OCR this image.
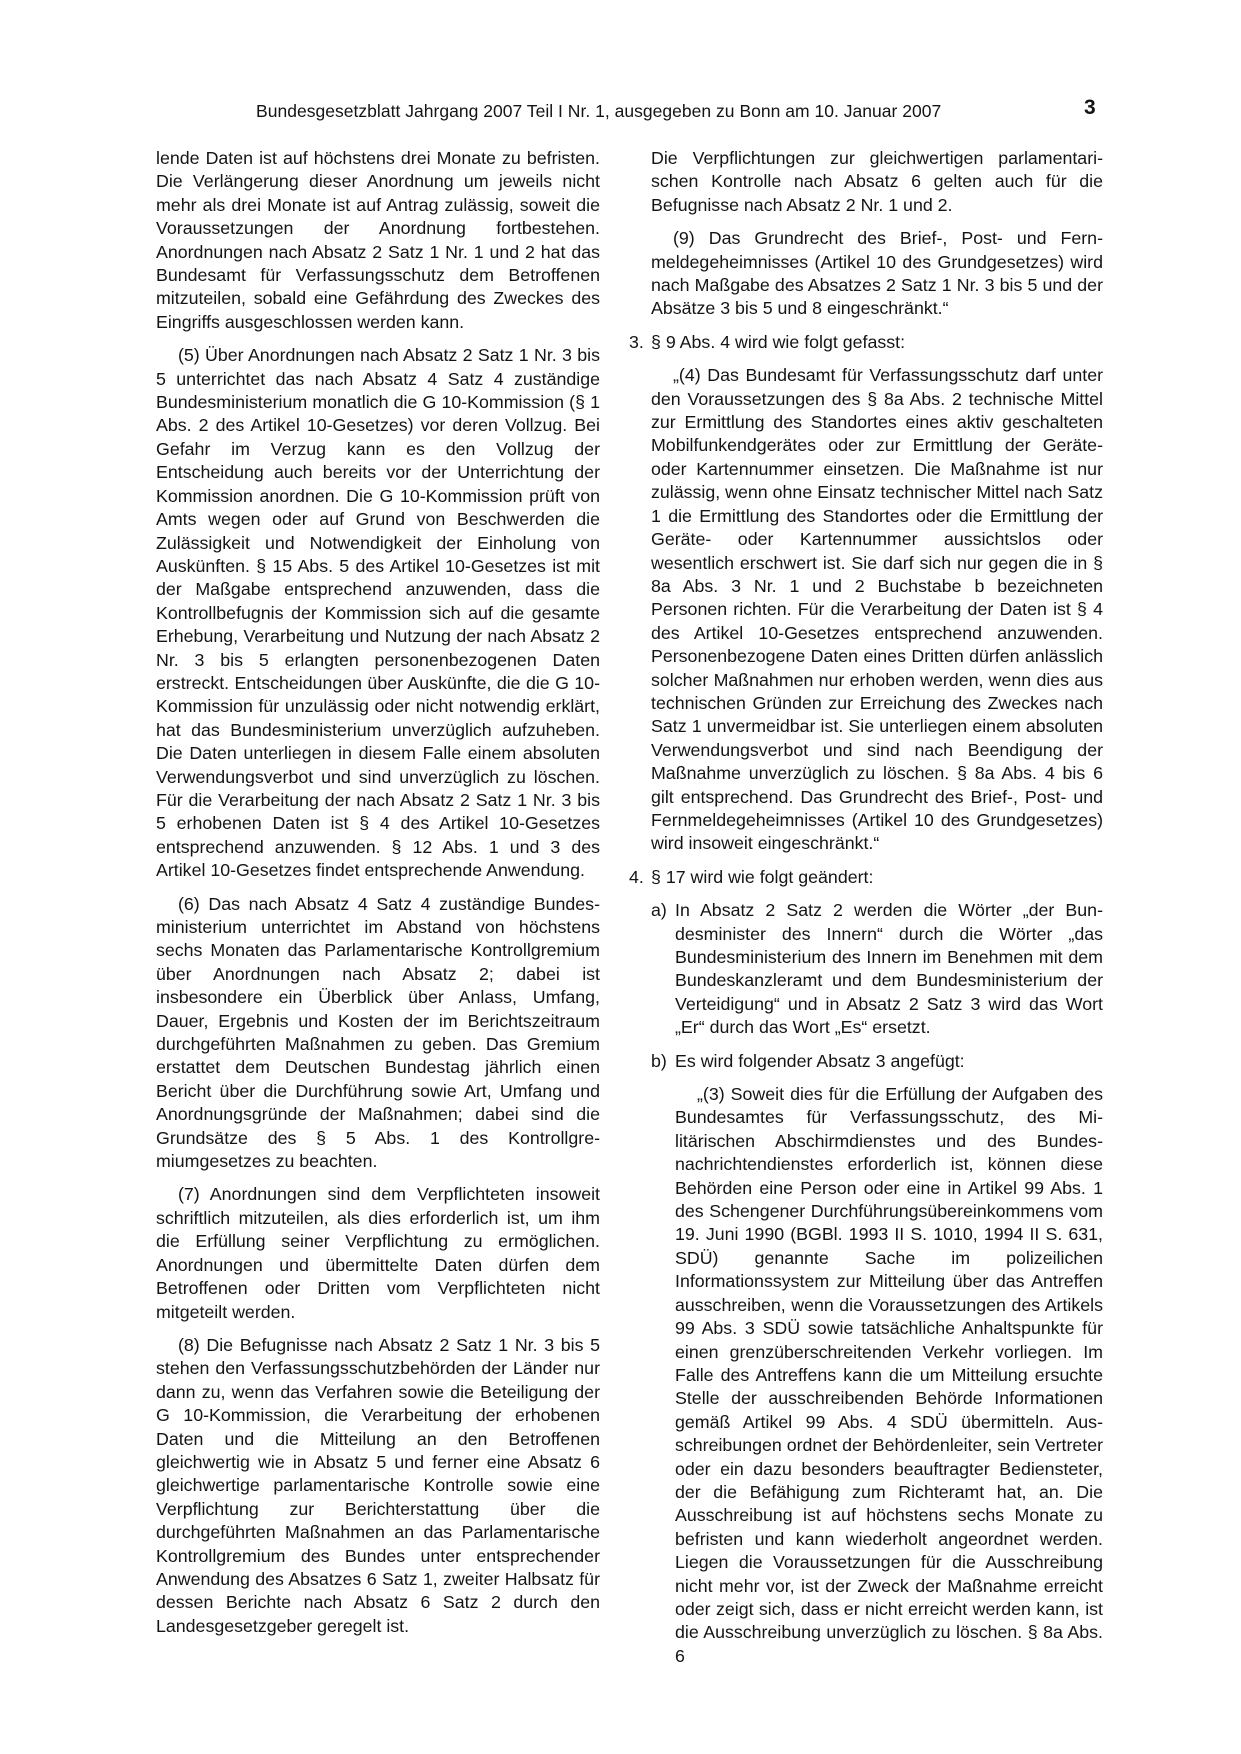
Bundesgesetzblatt Jahrgang 2007 Teil I Nr. 1, ausgegeben zu Bonn am 10. Januar 2007	3

lende Daten ist auf höchstens drei Monate zu befristen. Die Verlängerung dieser Anordnung um jeweils nicht mehr als drei Monate ist auf Antrag zulässig, soweit die Voraussetzungen der Anordnung fortbestehen. Anordnungen nach Absatz 2 Satz 1 Nr. 1 und 2 hat das Bundesamt für Verfassungsschutz dem Betroffenen mitzuteilen, sobald eine Gefährdung des Zweckes des Eingriffs ausgeschlossen werden kann.

(5) Über Anordnungen nach Absatz 2 Satz 1 Nr. 3 bis 5 unterrichtet das nach Absatz 4 Satz 4 zuständige Bundesministerium monatlich die G 10-Kommission (§ 1 Abs. 2 des Artikel 10-Gesetzes) vor deren Vollzug. Bei Gefahr im Verzug kann es den Vollzug der Entscheidung auch bereits vor der Unterrichtung der Kommission anordnen. Die G 10-Kommission prüft von Amts wegen oder auf Grund von Beschwerden die Zulässigkeit und Notwendigkeit der Einholung von Auskünften. § 15 Abs. 5 des Artikel 10-Gesetzes ist mit der Maßgabe entsprechend anzuwenden, dass die Kontrollbefugnis der Kommission sich auf die gesamte Erhebung, Verarbeitung und Nutzung der nach Absatz 2 Nr. 3 bis 5 erlangten personenbezogenen Daten erstreckt. Entscheidungen über Auskünfte, die die G 10-Kommission für unzulässig oder nicht notwendig erklärt, hat das Bundesministerium unverzüglich aufzuheben. Die Daten unterliegen in diesem Falle einem absoluten Verwendungsverbot und sind unverzüglich zu löschen. Für die Verarbeitung der nach Absatz 2 Satz 1 Nr. 3 bis 5 erhobenen Daten ist § 4 des Artikel 10-Gesetzes entsprechend anzuwenden. § 12 Abs. 1 und 3 des Artikel 10-Gesetzes findet entsprechende Anwendung.

(6) Das nach Absatz 4 Satz 4 zuständige Bundesministerium unterrichtet im Abstand von höchstens sechs Monaten das Parlamentarische Kontrollgremium über Anordnungen nach Absatz 2; dabei ist insbesondere ein Überblick über Anlass, Umfang, Dauer, Ergebnis und Kosten der im Berichtszeitraum durchgeführten Maßnahmen zu geben. Das Gremium erstattet dem Deutschen Bundestag jährlich einen Bericht über die Durchführung sowie Art, Umfang und Anordnungsgründe der Maßnahmen; dabei sind die Grundsätze des § 5 Abs. 1 des Kontrollgremiumgesetzes zu beachten.

(7) Anordnungen sind dem Verpflichteten insoweit schriftlich mitzuteilen, als dies erforderlich ist, um ihm die Erfüllung seiner Verpflichtung zu ermöglichen. Anordnungen und übermittelte Daten dürfen dem Betroffenen oder Dritten vom Verpflichteten nicht mitgeteilt werden.

(8) Die Befugnisse nach Absatz 2 Satz 1 Nr. 3 bis 5 stehen den Verfassungsschutzbehörden der Länder nur dann zu, wenn das Verfahren sowie die Beteiligung der G 10-Kommission, die Verarbeitung der erhobenen Daten und die Mitteilung an den Betroffenen gleichwertig wie in Absatz 5 und ferner eine Absatz 6 gleichwertige parlamentarische Kontrolle sowie eine Verpflichtung zur Berichterstattung über die durchgeführten Maßnahmen an das Parlamentarische Kontrollgremium des Bundes unter entsprechender Anwendung des Absatzes 6 Satz 1, zweiter Halbsatz für dessen Berichte nach Absatz 6 Satz 2 durch den Landesgesetzgeber geregelt ist.

Die Verpflichtungen zur gleichwertigen parlamentarischen Kontrolle nach Absatz 6 gelten auch für die Befugnisse nach Absatz 2 Nr. 1 und 2.

(9) Das Grundrecht des Brief-, Post- und Fernmeldegeheimnisses (Artikel 10 des Grundgesetzes) wird nach Maßgabe des Absatzes 2 Satz 1 Nr. 3 bis 5 und der Absätze 3 bis 5 und 8 eingeschränkt.“

3. § 9 Abs. 4 wird wie folgt gefasst:

„(4) Das Bundesamt für Verfassungsschutz darf unter den Voraussetzungen des § 8a Abs. 2 technische Mittel zur Ermittlung des Standortes eines aktiv geschalteten Mobilfunkendgerätes oder zur Ermittlung der Geräte- oder Kartennummer einsetzen. Die Maßnahme ist nur zulässig, wenn ohne Einsatz technischer Mittel nach Satz 1 die Ermittlung des Standortes oder die Ermittlung der Geräte- oder Kartennummer aussichtslos oder wesentlich erschwert ist. Sie darf sich nur gegen die in § 8a Abs. 3 Nr. 1 und 2 Buchstabe b bezeichneten Personen richten. Für die Verarbeitung der Daten ist § 4 des Artikel 10-Gesetzes entsprechend anzuwenden. Personenbezogene Daten eines Dritten dürfen anlässlich solcher Maßnahmen nur erhoben werden, wenn dies aus technischen Gründen zur Erreichung des Zweckes nach Satz 1 unvermeidbar ist. Sie unterliegen einem absoluten Verwendungsverbot und sind nach Beendigung der Maßnahme unverzüglich zu löschen. § 8a Abs. 4 bis 6 gilt entsprechend. Das Grundrecht des Brief-, Post- und Fernmeldegeheimnisses (Artikel 10 des Grundgesetzes) wird insoweit eingeschränkt.“

4. § 17 wird wie folgt geändert:
a) In Absatz 2 Satz 2 werden die Wörter „der Bundesminister des Innern“ durch die Wörter „das Bundesministerium des Innern im Benehmen mit dem Bundeskanzleramt und dem Bundesministerium der Verteidigung“ und in Absatz 2 Satz 3 wird das Wort „Er“ durch das Wort „Es“ ersetzt.
b) Es wird folgender Absatz 3 angefügt:

„(3) Soweit dies für die Erfüllung der Aufgaben des Bundesamtes für Verfassungsschutz, des Militärischen Abschirmdienstes und des Bundesnachrichtendienstes erforderlich ist, können diese Behörden eine Person oder eine in Artikel 99 Abs. 1 des Schengener Durchführungsübereinkommens vom 19. Juni 1990 (BGBl. 1993 II S. 1010, 1994 II S. 631, SDÜ) genannte Sache im polizeilichen Informationssystem zur Mitteilung über das Antreffen ausschreiben, wenn die Voraussetzungen des Artikels 99 Abs. 3 SDÜ sowie tatsächliche Anhaltspunkte für einen grenzüberschreitenden Verkehr vorliegen. Im Falle des Antreffens kann die um Mitteilung ersuchte Stelle der ausschreibenden Behörde Informationen gemäß Artikel 99 Abs. 4 SDÜ übermitteln. Ausschreibungen ordnet der Behördenleiter, sein Vertreter oder ein dazu besonders beauftragter Bediensteter, der die Befähigung zum Richteramt hat, an. Die Ausschreibung ist auf höchstens sechs Monate zu befristen und kann wiederholt angeordnet werden. Liegen die Voraussetzungen für die Ausschreibung nicht mehr vor, ist der Zweck der Maßnahme erreicht oder zeigt sich, dass er nicht erreicht werden kann, ist die Ausschreibung unverzüglich zu löschen. § 8a Abs. 6
